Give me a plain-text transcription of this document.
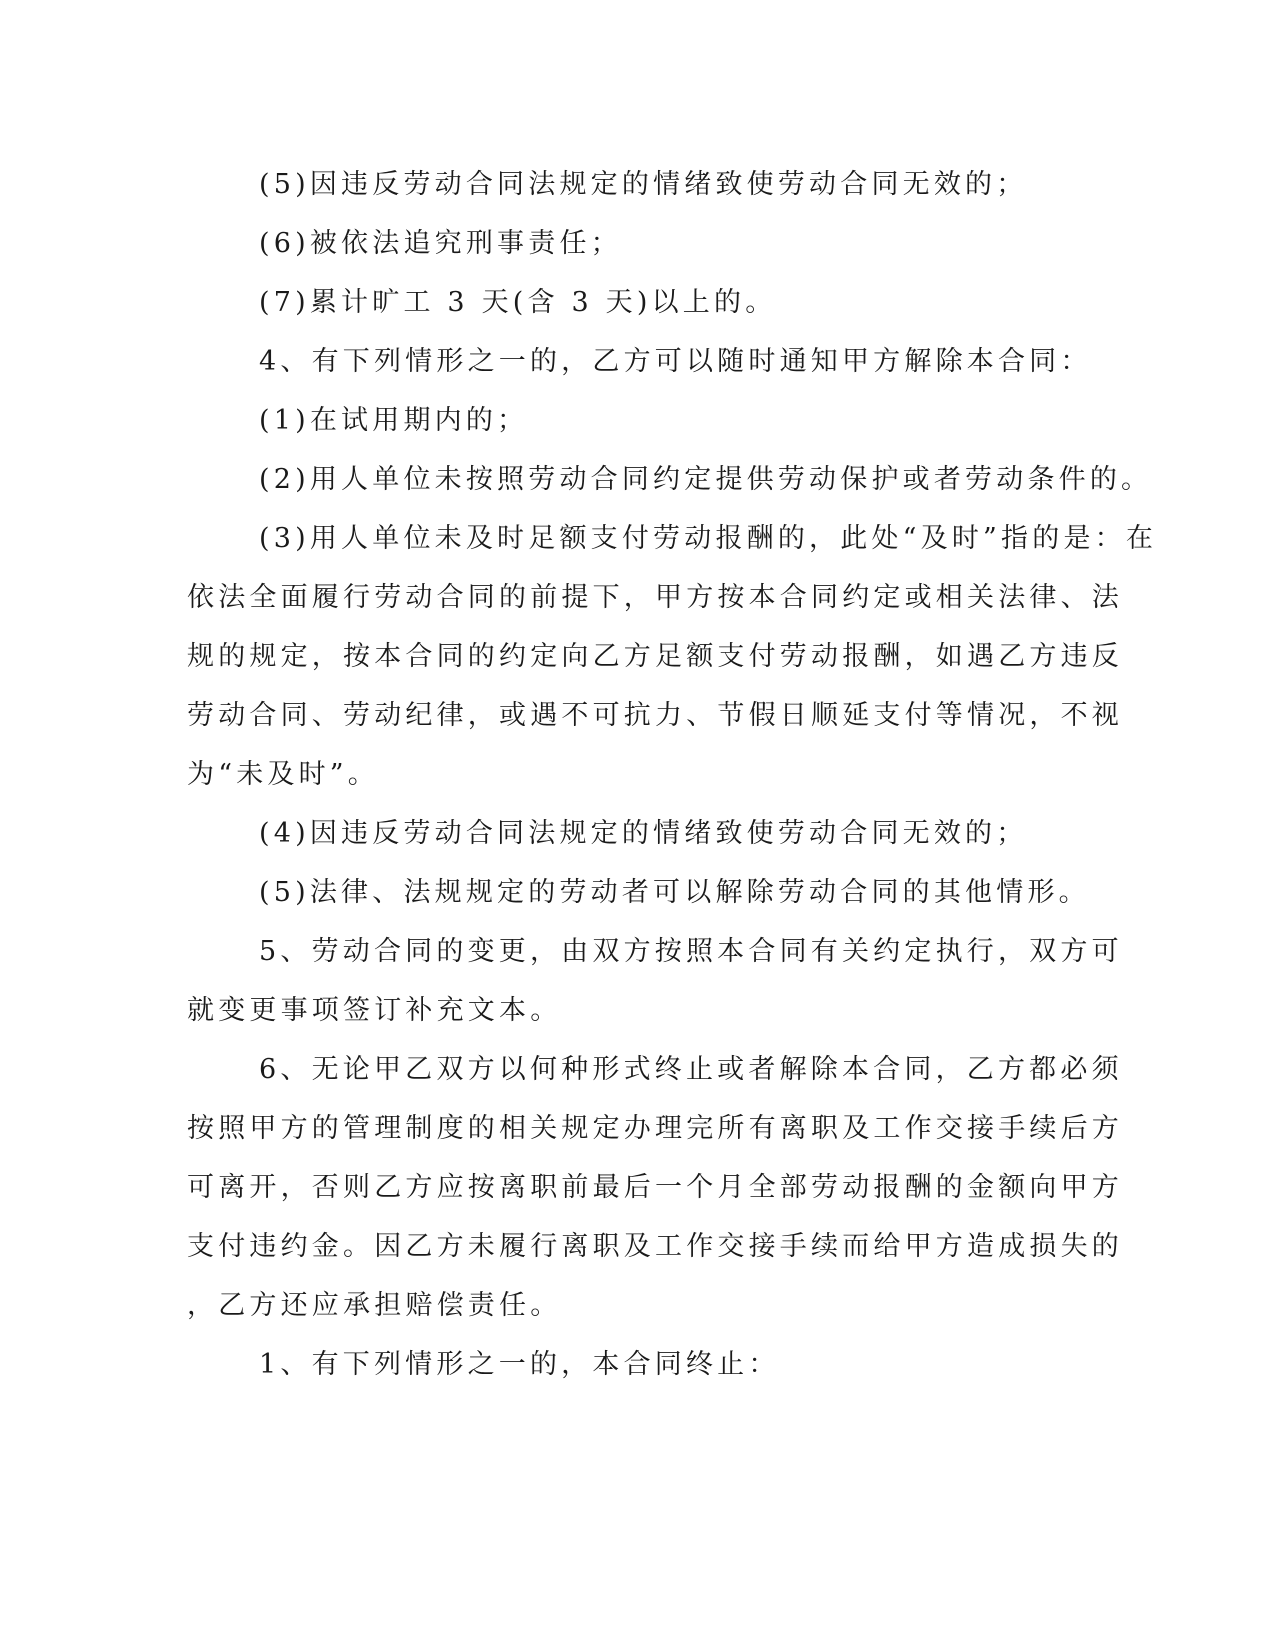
(5)因违反劳动合同法规定的情绪致使劳动合同无效的；
(6)被依法追究刑事责任；
(7)累计旷工 3 天(含 3 天)以上的。
4、有下列情形之一的，乙方可以随时通知甲方解除本合同：
(1)在试用期内的；
(2)用人单位未按照劳动合同约定提供劳动保护或者劳动条件的。
(3)用人单位未及时足额支付劳动报酬的，此处“及时”指的是：在
依法全面履行劳动合同的前提下，甲方按本合同约定或相关法律、法
规的规定，按本合同的约定向乙方足额支付劳动报酬，如遇乙方违反
劳动合同、劳动纪律，或遇不可抗力、节假日顺延支付等情况，不视
为“未及时”。
(4)因违反劳动合同法规定的情绪致使劳动合同无效的；
(5)法律、法规规定的劳动者可以解除劳动合同的其他情形。
5、劳动合同的变更，由双方按照本合同有关约定执行，双方可
就变更事项签订补充文本。
6、无论甲乙双方以何种形式终止或者解除本合同，乙方都必须
按照甲方的管理制度的相关规定办理完所有离职及工作交接手续后方
可离开，否则乙方应按离职前最后一个月全部劳动报酬的金额向甲方
支付违约金。因乙方未履行离职及工作交接手续而给甲方造成损失的
，乙方还应承担赔偿责任。
1、有下列情形之一的，本合同终止：
